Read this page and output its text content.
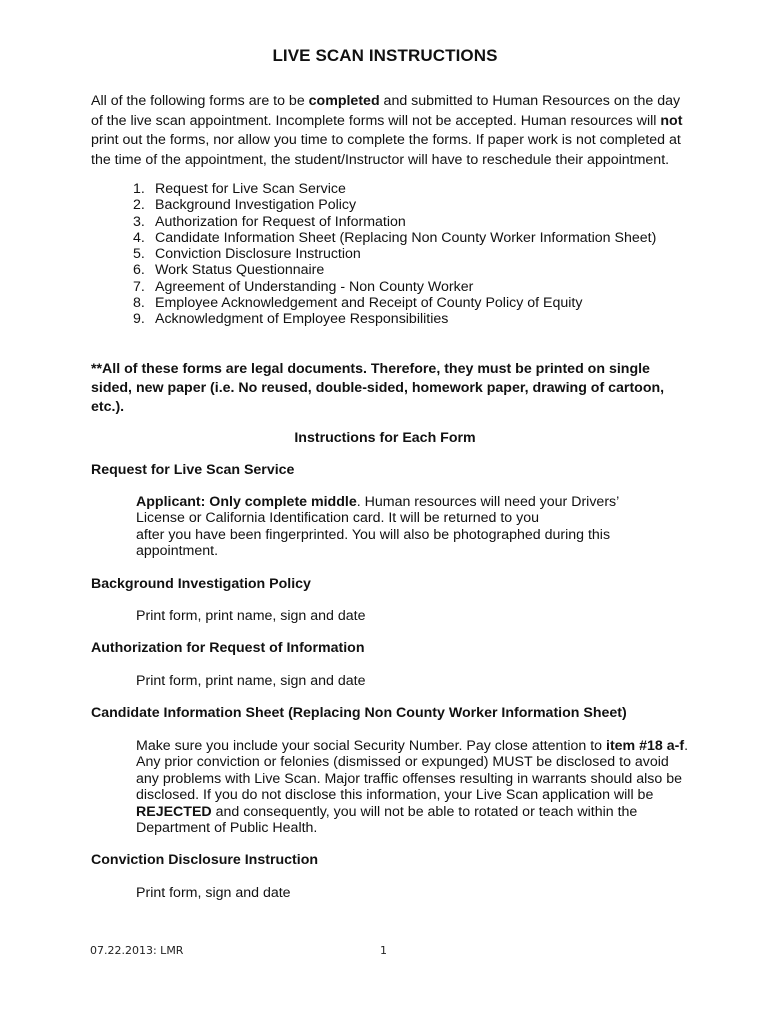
LIVE SCAN INSTRUCTIONS
All of the following forms are to be completed and submitted to Human Resources on the day of the live scan appointment. Incomplete forms will not be accepted. Human resources will not print out the forms, nor allow you time to complete the forms. If paper work is not completed at the time of the appointment, the student/Instructor will have to reschedule their appointment.
1. Request for Live Scan Service
2. Background Investigation Policy
3. Authorization for Request of Information
4. Candidate Information Sheet (Replacing Non County Worker Information Sheet)
5. Conviction Disclosure Instruction
6. Work Status Questionnaire
7. Agreement of Understanding - Non County Worker
8. Employee Acknowledgement and Receipt of County Policy of Equity
9. Acknowledgment of Employee Responsibilities
**All of these forms are legal documents. Therefore, they must be printed on single sided, new paper (i.e. No reused, double-sided, homework paper, drawing of cartoon, etc.).
Instructions for Each Form
Request for Live Scan Service
Applicant: Only complete middle. Human resources will need your Drivers’
License or California Identification card. It will be returned to you
after you have been fingerprinted. You will also be photographed during this
appointment.
Background Investigation Policy
Print form, print name, sign and date
Authorization for Request of Information
Print form, print name, sign and date
Candidate Information Sheet (Replacing Non County Worker Information Sheet)
Make sure you include your social Security Number. Pay close attention to item #18 a-f.
Any prior conviction or felonies (dismissed or expunged) MUST be disclosed to avoid
any problems with Live Scan. Major traffic offenses resulting in warrants should also be
disclosed. If you do not disclose this information, your Live Scan application will be
REJECTED and consequently, you will not be able to rotated or teach within the
Department of Public Health.
Conviction Disclosure Instruction
Print form, sign and date
07.22.2013: LMR	1
